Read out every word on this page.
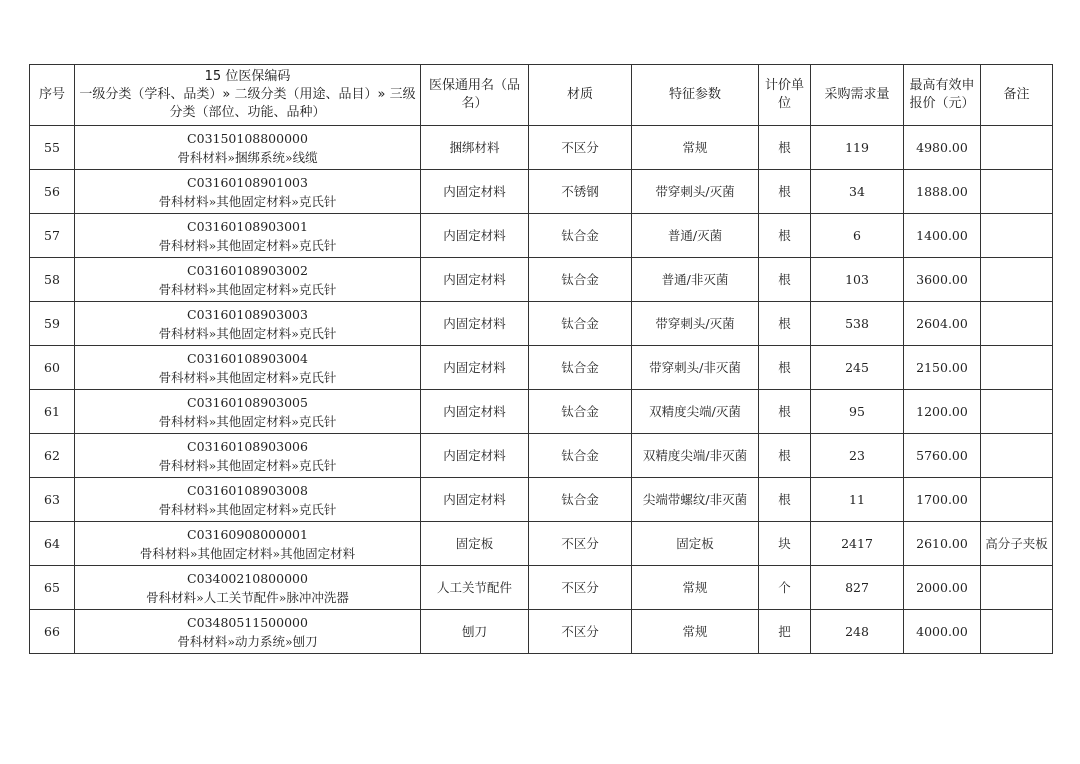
序号	15 位医保编码
一级分类（学科、品类）» 二级分类（用途、品目）» 三级分类（部位、功能、品种）	医保通用名（品名）	材质	特征参数	计价单位	采购需求量	最高有效申报价（元）	备注
55	C03150108800000
骨科材料»捆绑系统»线缆	捆绑材料	不区分	常规	根	119	4980.00	
56	C03160108901003
骨科材料»其他固定材料»克氏针	内固定材料	不锈钢	带穿刺头/灭菌	根	34	1888.00	
57	C03160108903001
骨科材料»其他固定材料»克氏针	内固定材料	钛合金	普通/灭菌	根	6	1400.00	
58	C03160108903002
骨科材料»其他固定材料»克氏针	内固定材料	钛合金	普通/非灭菌	根	103	3600.00	
59	C03160108903003
骨科材料»其他固定材料»克氏针	内固定材料	钛合金	带穿刺头/灭菌	根	538	2604.00	
60	C03160108903004
骨科材料»其他固定材料»克氏针	内固定材料	钛合金	带穿刺头/非灭菌	根	245	2150.00	
61	C03160108903005
骨科材料»其他固定材料»克氏针	内固定材料	钛合金	双精度尖端/灭菌	根	95	1200.00	
62	C03160108903006
骨科材料»其他固定材料»克氏针	内固定材料	钛合金	双精度尖端/非灭菌	根	23	5760.00	
63	C03160108903008
骨科材料»其他固定材料»克氏针	内固定材料	钛合金	尖端带螺纹/非灭菌	根	11	1700.00	
64	C03160908000001
骨科材料»其他固定材料»其他固定材料	固定板	不区分	固定板	块	2417	2610.00	高分子夹板
65	C03400210800000
骨科材料»人工关节配件»脉冲冲洗器	人工关节配件	不区分	常规	个	827	2000.00	
66	C03480511500000
骨科材料»动力系统»刨刀	刨刀	不区分	常规	把	248	4000.00	
